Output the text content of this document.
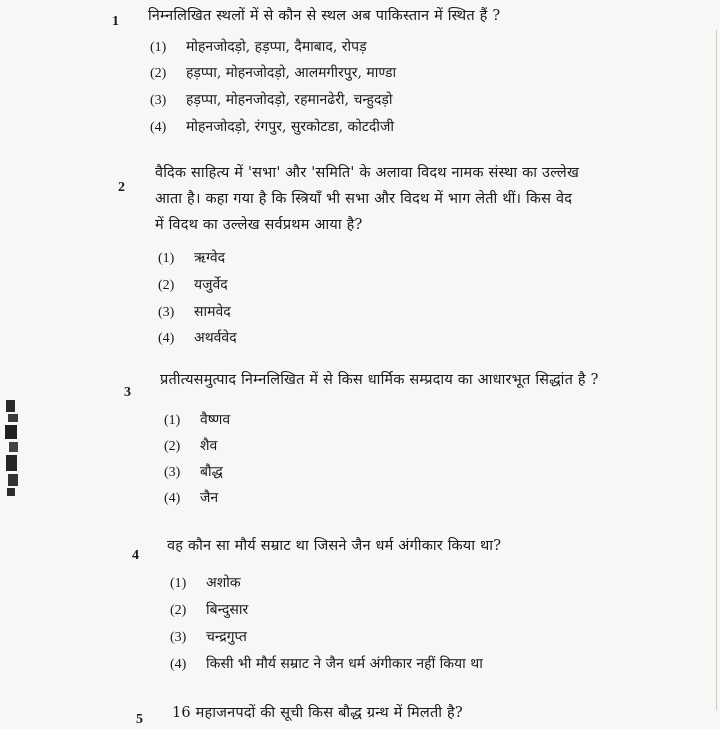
1 निम्नलिखित स्थलों में से कौन से स्थल अब पाकिस्तान में स्थित हैं ?
(1) मोहनजोदड़ो, हड़प्पा, दैमाबाद, रोपड़
(2) हड़प्पा, मोहनजोदड़ो, आलमगीरपुर, माण्डा
(3) हड़प्पा, मोहनजोदड़ो, रहमानढेरी, चन्हुदड़ो
(4) मोहनजोदड़ो, रंगपुर, सुरकोटडा, कोटदीजी
2
वैदिक साहित्य में 'सभा' और 'समिति' के अलावा विदथ नामक संस्था का उल्लेख
आता है। कहा गया है कि स्त्रियाँ भी सभा और विदथ में भाग लेती थीं। किस वेद
में विदथ का उल्लेख सर्वप्रथम आया है?
(1) ऋग्वेद
(2) यजुर्वेद
(3) सामवेद
(4) अथर्ववेद
3
प्रतीत्यसमुत्पाद निम्नलिखित में से किस धार्मिक सम्प्रदाय का आधारभूत सिद्धांत है ?
(1) वैष्णव
(2) शैव
(3) बौद्ध
(4) जैन
4
वह कौन सा मौर्य सम्राट था जिसने जैन धर्म अंगीकार किया था?
(1) अशोक
(2) बिन्दुसार
(3) चन्द्रगुप्त
(4) किसी भी मौर्य सम्राट ने जैन धर्म अंगीकार नहीं किया था
5 16 महाजनपदों की सूची किस बौद्ध ग्रन्थ में मिलती है?
